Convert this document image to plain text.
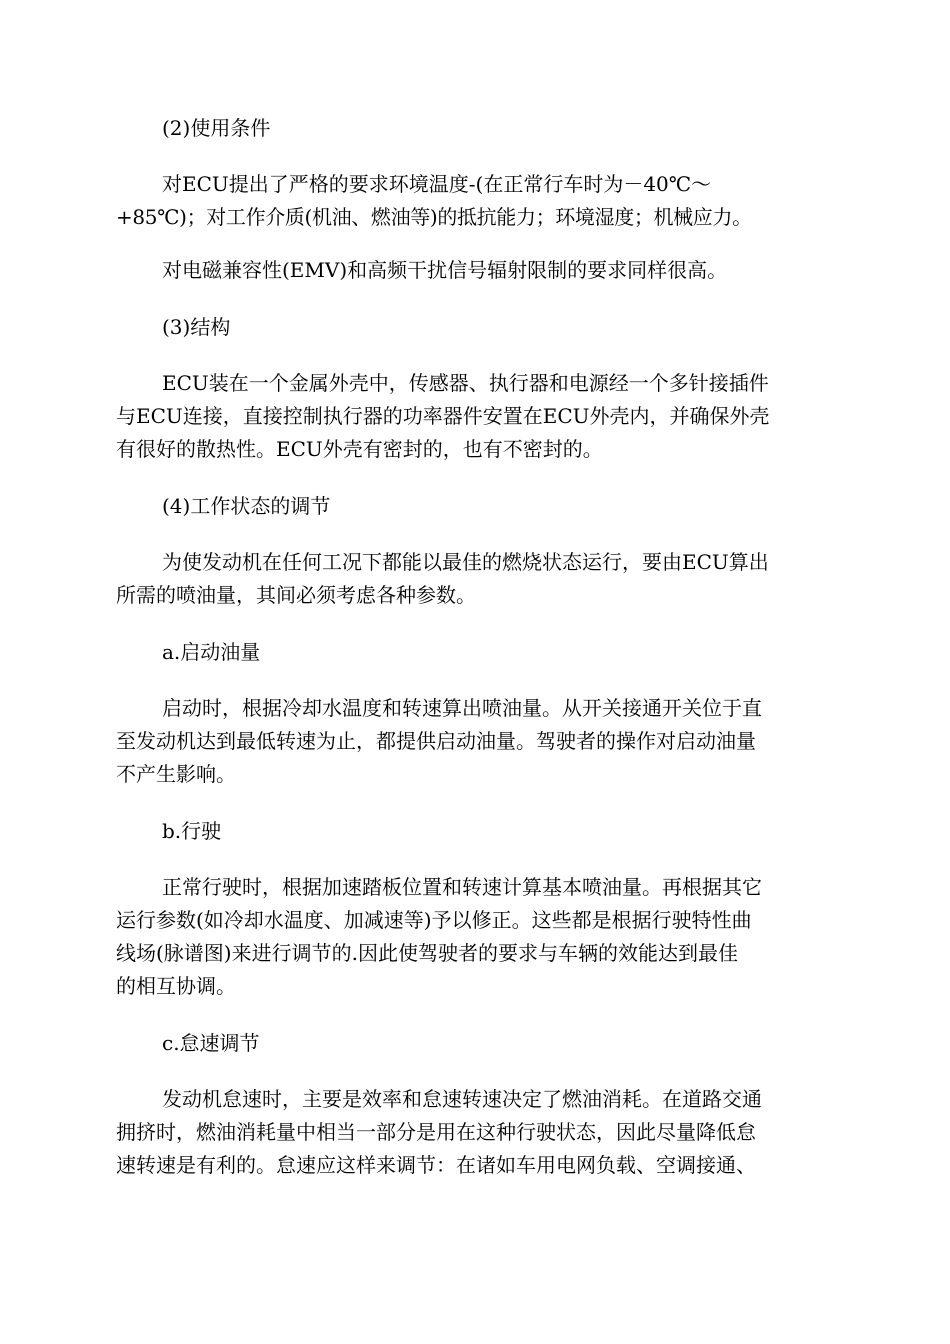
(2)使用条件

对ECU提出了严格的要求环境温度-(在正常行车时为－40℃～
+85℃)；对工作介质(机油、燃油等)的抵抗能力；环境湿度；机械应力。

对电磁兼容性(EMV)和高频干扰信号辐射限制的要求同样很高。

(3)结构

ECU装在一个金属外壳中，传感器、执行器和电源经一个多针接插件
与ECU连接，直接控制执行器的功率器件安置在ECU外壳内，并确保外壳
有很好的散热性。ECU外壳有密封的，也有不密封的。

(4)工作状态的调节

为使发动机在任何工况下都能以最佳的燃烧状态运行，要由ECU算出
所需的喷油量，其间必须考虑各种参数。

a.启动油量

启动时，根据冷却水温度和转速算出喷油量。从开关接通开关位于直
至发动机达到最低转速为止，都提供启动油量。驾驶者的操作对启动油量
不产生影响。

b.行驶

正常行驶时，根据加速踏板位置和转速计算基本喷油量。再根据其它
运行参数(如冷却水温度、加减速等)予以修正。这些都是根据行驶特性曲
线场(脉谱图)来进行调节的.因此使驾驶者的要求与车辆的效能达到最佳
的相互协调。

c.怠速调节

发动机怠速时，主要是效率和怠速转速决定了燃油消耗。在道路交通
拥挤时，燃油消耗量中相当一部分是用在这种行驶状态，因此尽量降低怠
速转速是有利的。怠速应这样来调节：在诸如车用电网负载、空调接通、
